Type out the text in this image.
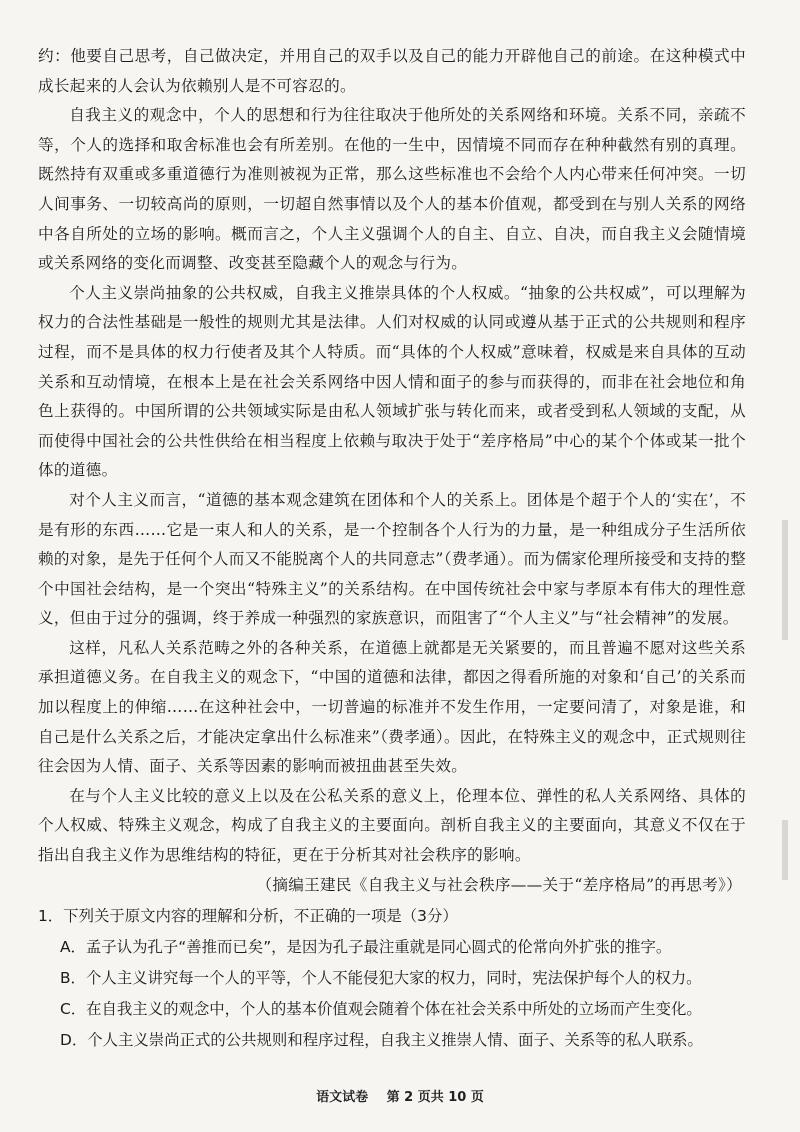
约：他要自己思考，自己做决定，并用自己的双手以及自己的能力开辟他自己的前途。在这种模式中成长起来的人会认为依赖别人是不可容忍的。

自我主义的观念中，个人的思想和行为往往取决于他所处的关系网络和环境。关系不同，亲疏不等，个人的选择和取舍标准也会有所差别。在他的一生中，因情境不同而存在种种截然有别的真理。既然持有双重或多重道德行为准则被视为正常，那么这些标准也不会给个人内心带来任何冲突。一切人间事务、一切较高尚的原则，一切超自然事情以及个人的基本价值观，都受到在与别人关系的网络中各自所处的立场的影响。概而言之，个人主义强调个人的自主、自立、自决，而自我主义会随情境或关系网络的变化而调整、改变甚至隐藏个人的观念与行为。

个人主义崇尚抽象的公共权威，自我主义推崇具体的个人权威。“抽象的公共权威”，可以理解为权力的合法性基础是一般性的规则尤其是法律。人们对权威的认同或遵从基于正式的公共规则和程序过程，而不是具体的权力行使者及其个人特质。而“具体的个人权威”意味着，权威是来自具体的互动关系和互动情境，在根本上是在社会关系网络中因人情和面子的参与而获得的，而非在社会地位和角色上获得的。中国所谓的公共领域实际是由私人领域扩张与转化而来，或者受到私人领域的支配，从而使得中国社会的公共性供给在相当程度上依赖与取决于处于“差序格局”中心的某个个体或某一批个体的道德。

对个人主义而言，“道德的基本观念建筑在团体和个人的关系上。团体是个超于个人的‘实在’，不是有形的东西……它是一束人和人的关系，是一个控制各个人行为的力量，是一种组成分子生活所依赖的对象，是先于任何个人而又不能脱离个人的共同意志”（费孝通）。而为儒家伦理所接受和支持的整个中国社会结构，是一个突出“特殊主义”的关系结构。在中国传统社会中家与孝原本有伟大的理性意义，但由于过分的强调，终于养成一种强烈的家族意识，而阻害了“个人主义”与“社会精神”的发展。

这样，凡私人关系范畴之外的各种关系，在道德上就都是无关紧要的，而且普遍不愿对这些关系承担道德义务。在自我主义的观念下，“中国的道德和法律，都因之得看所施的对象和‘自己’的关系而加以程度上的伸缩……在这种社会中，一切普遍的标准并不发生作用，一定要问清了，对象是谁，和自己是什么关系之后，才能决定拿出什么标准来”（费孝通）。因此，在特殊主义的观念中，正式规则往往会因为人情、面子、关系等因素的影响而被扭曲甚至失效。

在与个人主义比较的意义上以及在公私关系的意义上，伦理本位、弹性的私人关系网络、具体的个人权威、特殊主义观念，构成了自我主义的主要面向。剖析自我主义的主要面向，其意义不仅在于指出自我主义作为思维结构的特征，更在于分析其对社会秩序的影响。

（摘编王建民《自我主义与社会秩序——关于“差序格局”的再思考》）

1．下列关于原文内容的理解和分析，不正确的一项是（3分）

A．孟子认为孔子“善推而已矣”，是因为孔子最注重就是同心圆式的伦常向外扩张的推字。

B．个人主义讲究每一个人的平等，个人不能侵犯大家的权力，同时，宪法保护每个人的权力。

C．在自我主义的观念中，个人的基本价值观会随着个体在社会关系中所处的立场而产生变化。

D．个人主义崇尚正式的公共规则和程序过程，自我主义推崇人情、面子、关系等的私人联系。

语文试卷 第 2 页共 10 页
